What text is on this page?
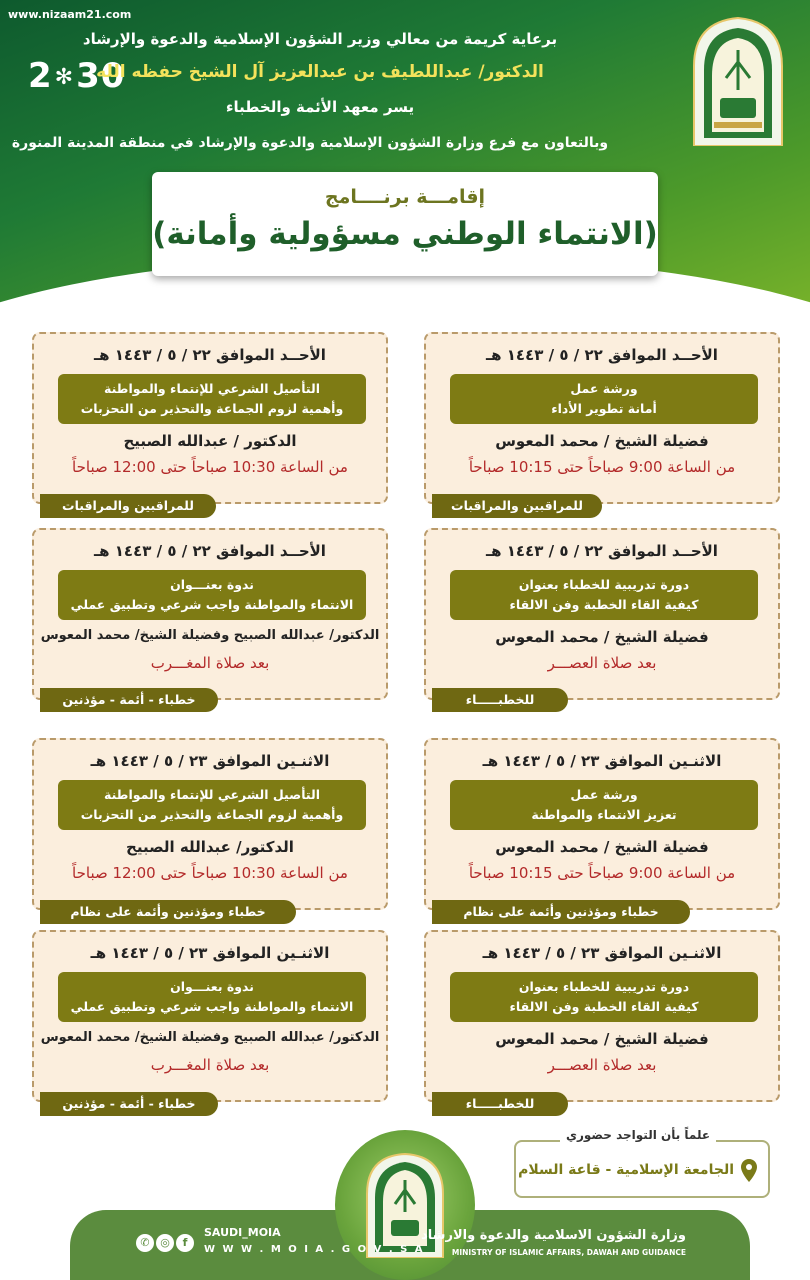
www.nizaam21.com
2✻30
برعاية كريمة من معالي وزير الشؤون الإسلامية والدعوة والإرشاد
الدكتور/ عبداللطيف بن عبدالعزيز آل الشيخ حفظه الله
يسر معهد الأئمة والخطباء
وبالتعاون مع فرع وزارة الشؤون الإسلامية والدعوة والإرشاد في منطقة المدينة المنورة
إقامـــة برنــــامج
(الانتماء الوطني مسؤولية وأمانة)
الأحــد الموافق ٢٢ / ٥ / ١٤٤٣ هـ
ورشة عمل
أمانة تطوير الأداء
فضيلة الشيخ / محمد المعوس
من الساعة 9:00 صباحاً حتى 10:15 صباحاً
للمراقبين والمراقبات
الأحــد الموافق ٢٢ / ٥ / ١٤٤٣ هـ
التأصيل الشرعي للإنتماء والمواطنة
وأهمية لزوم الجماعة والتحذير من التحزبات
الدكتور / عبدالله الصبيح
من الساعة 10:30 صباحاً حتى 12:00 صباحاً
للمراقبين والمراقبات
الأحــد الموافق ٢٢ / ٥ / ١٤٤٣ هـ
دورة تدريبية للخطباء بعنوان
كيفية القاء الخطبة وفن الالقاء
فضيلة الشيخ / محمد المعوس
بعد صلاة العصـــر
للخطبـــــاء
الأحــد الموافق ٢٢ / ٥ / ١٤٤٣ هـ
ندوة بعنـــوان
الانتماء والمواطنة واجب شرعي وتطبيق عملي
الدكتور/ عبدالله الصبيح وفضيلة الشيخ/ محمد المعوس
بعد صلاة المغـــرب
خطباء - أئمة - مؤذنين
الاثنـين الموافق ٢٣ / ٥ / ١٤٤٣ هـ
ورشة عمل
تعزيز الانتماء والمواطنة
فضيلة الشيخ / محمد المعوس
من الساعة 9:00 صباحاً حتى 10:15 صباحاً
خطباء ومؤذنين وأئمة على نظام
الاثنـين الموافق ٢٣ / ٥ / ١٤٤٣ هـ
التأصيل الشرعي للإنتماء والمواطنة
وأهمية لزوم الجماعة والتحذير من التحزبات
الدكتور/ عبدالله الصبيح
من الساعة 10:30 صباحاً حتى 12:00 صباحاً
خطباء ومؤذنين وأئمة على نظام
الاثنـين الموافق ٢٣ / ٥ / ١٤٤٣ هـ
دورة تدريبية للخطباء بعنوان
كيفية القاء الخطبة وفن الالقاء
فضيلة الشيخ / محمد المعوس
بعد صلاة العصـــر
للخطبـــــاء
الاثنـين الموافق ٢٣ / ٥ / ١٤٤٣ هـ
ندوة بعنـــوان
الانتماء والمواطنة واجب شرعي وتطبيق عملي
الدكتور/ عبدالله الصبيح وفضيلة الشيخ/ محمد المعوس
بعد صلاة المغـــرب
خطباء - أئمة - مؤذنين
الجامعة الإسلامية - قاعة السلام
علماً بأن التواجد حضوري
وزارة الشؤون الاسلامية والدعوة والارشاد
MINISTRY OF ISLAMIC AFFAIRS, DAWAH AND GUIDANCE
SAUDI_MOIA
W W W . M O I A . G O V . S A
f
◎
✆
